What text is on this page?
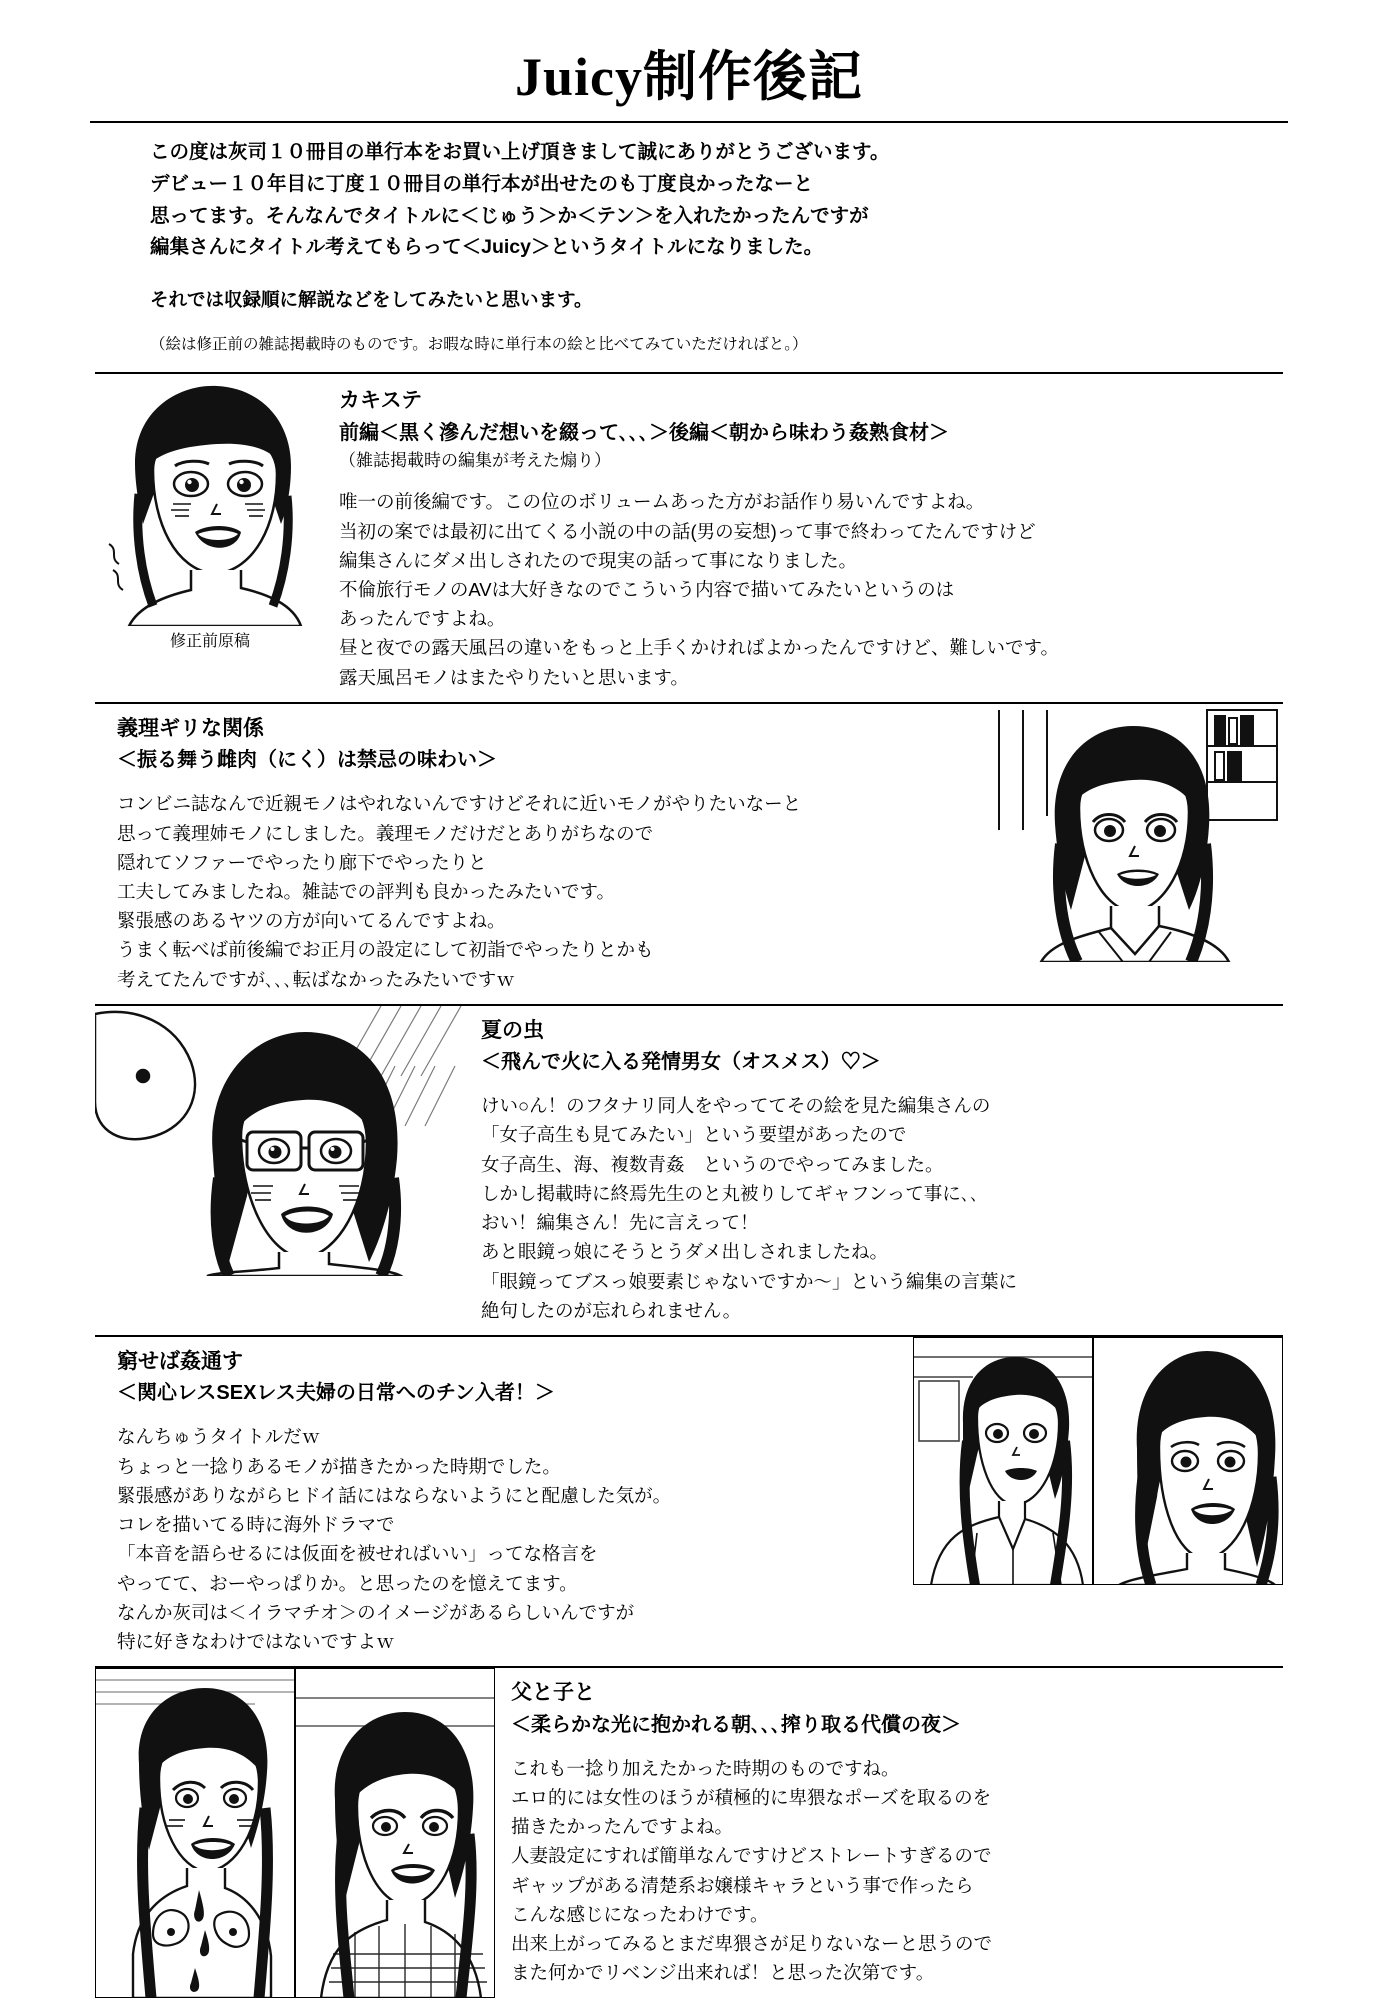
Juicy制作後記

この度は灰司１０冊目の単行本をお買い上げ頂きまして誠にありがとうございます。

デビュー１０年目に丁度１０冊目の単行本が出せたのも丁度良かったなーと

思ってます。そんなんでタイトルに＜じゅう＞か＜テン＞を入れたかったんですが

編集さんにタイトル考えてもらって＜Juicy＞というタイトルになりました。

それでは収録順に解説などをしてみたいと思います。

（絵は修正前の雑誌掲載時のものです。お暇な時に単行本の絵と比べてみていただければと。）

修正前原稿

カキステ

前編＜黒く滲んだ想いを綴って､､､＞後編＜朝から味わう姦熟食材＞

（雑誌掲載時の編集が考えた煽り）

唯一の前後編です。この位のボリュームあった方がお話作り易いんですよね。
当初の案では最初に出てくる小説の中の話(男の妄想)って事で終わってたんですけど
編集さんにダメ出しされたので現実の話って事になりました。
不倫旅行モノのAVは大好きなのでこういう内容で描いてみたいというのは
あったんですよね。
昼と夜での露天風呂の違いをもっと上手くかければよかったんですけど、難しいです。
露天風呂モノはまたやりたいと思います。

義理ギリな関係

＜振る舞う雌肉（にく）は禁忌の味わい＞

コンビニ誌なんで近親モノはやれないんですけどそれに近いモノがやりたいなーと
思って義理姉モノにしました。義理モノだけだとありがちなので
隠れてソファーでやったり廊下でやったりと
工夫してみましたね。雑誌での評判も良かったみたいです。
緊張感のあるヤツの方が向いてるんですよね。
うまく転べば前後編でお正月の設定にして初詣でやったりとかも
考えてたんですが､､､転ばなかったみたいですｗ

夏の虫

＜飛んで火に入る発情男女（オスメス）♡＞

けい○ん！のフタナリ同人をやっててその絵を見た編集さんの
「女子高生も見てみたい」という要望があったので
女子高生、海、複数青姦　というのでやってみました。
しかし掲載時に終焉先生のと丸被りしてギャフンって事に､､
おい！編集さん！先に言えって！
あと眼鏡っ娘にそうとうダメ出しされましたね。
「眼鏡ってブスっ娘要素じゃないですか～」という編集の言葉に
絶句したのが忘れられません。

窮せば姦通す

＜関心レスSEXレス夫婦の日常へのチン入者！＞

なんちゅうタイトルだｗ
ちょっと一捻りあるモノが描きたかった時期でした。
緊張感がありながらヒドイ話にはならないようにと配慮した気が。
コレを描いてる時に海外ドラマで
「本音を語らせるには仮面を被せればいい」ってな格言を
やってて、おーやっぱりか。と思ったのを憶えてます。
なんか灰司は＜イラマチオ＞のイメージがあるらしいんですが
特に好きなわけではないですよｗ

父と子と

＜柔らかな光に抱かれる朝､､､搾り取る代償の夜＞

これも一捻り加えたかった時期のものですね。
エロ的には女性のほうが積極的に卑猥なポーズを取るのを
描きたかったんですよね。
人妻設定にすれば簡単なんですけどストレートすぎるので
ギャップがある清楚系お嬢様キャラという事で作ったら
こんな感じになったわけです。
出来上がってみるとまだ卑猥さが足りないなーと思うので
また何かでリベンジ出来れば！と思った次第です。
